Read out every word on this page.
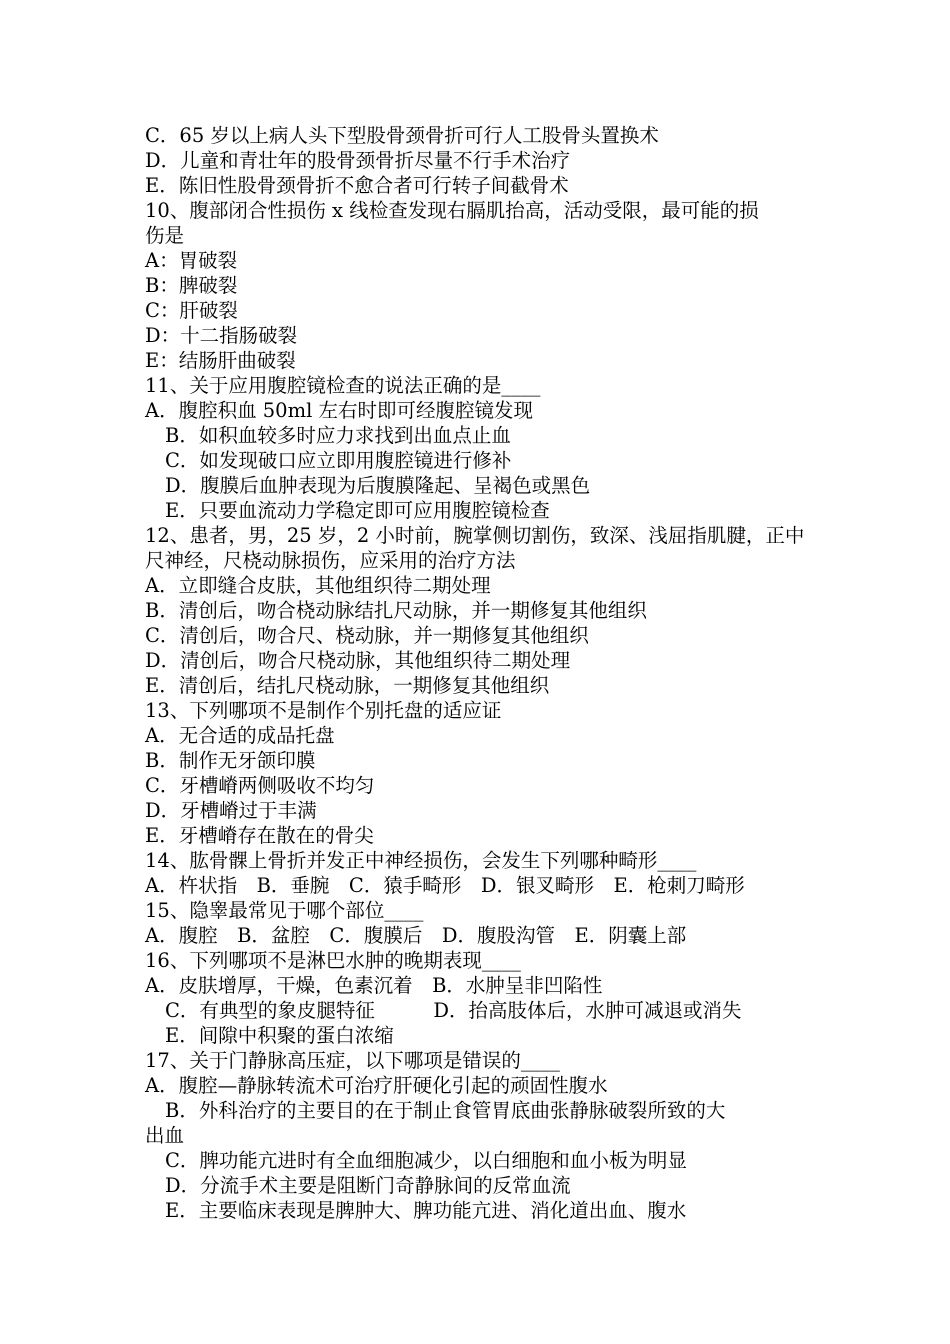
C．65 岁以上病人头下型股骨颈骨折可行人工股骨头置换术
D．儿童和青壮年的股骨颈骨折尽量不行手术治疗
E．陈旧性股骨颈骨折不愈合者可行转子间截骨术
10、腹部闭合性损伤 x 线检查发现右膈肌抬高，活动受限，最可能的损
伤是
A：胃破裂
B：脾破裂
C：肝破裂
D：十二指肠破裂
E：结肠肝曲破裂
11、关于应用腹腔镜检查的说法正确的是____
A．腹腔积血 50ml 左右时即可经腹腔镜发现
B．如积血较多时应力求找到出血点止血
C．如发现破口应立即用腹腔镜进行修补
D．腹膜后血肿表现为后腹膜隆起、呈褐色或黑色
E．只要血流动力学稳定即可应用腹腔镜检查
12、患者，男，25 岁，2 小时前，腕掌侧切割伤，致深、浅屈指肌腱，正中
尺神经，尺桡动脉损伤，应采用的治疗方法
A．立即缝合皮肤，其他组织待二期处理
B．清创后，吻合桡动脉结扎尺动脉，并一期修复其他组织
C．清创后，吻合尺、桡动脉，并一期修复其他组织
D．清创后，吻合尺桡动脉，其他组织待二期处理
E．清创后，结扎尺桡动脉，一期修复其他组织
13、下列哪项不是制作个别托盘的适应证
A．无合适的成品托盘
B．制作无牙颌印膜
C．牙槽嵴两侧吸收不均匀
D．牙槽嵴过于丰满
E．牙槽嵴存在散在的骨尖
14、肱骨髁上骨折并发正中神经损伤，会发生下列哪种畸形____
A．杵状指　B．垂腕　C．猿手畸形　D．银叉畸形　E．枪刺刀畸形
15、隐睾最常见于哪个部位____
A．腹腔　B．盆腔　C．腹膜后　D．腹股沟管　E．阴囊上部
16、下列哪项不是淋巴水肿的晚期表现____
A．皮肤增厚，干燥，色素沉着　B．水肿呈非凹陷性
C．有典型的象皮腿特征　　　D．抬高肢体后，水肿可减退或消失
E．间隙中积聚的蛋白浓缩
17、关于门静脉高压症，以下哪项是错误的____
A．腹腔—静脉转流术可治疗肝硬化引起的顽固性腹水
B．外科治疗的主要目的在于制止食管胃底曲张静脉破裂所致的大
出血
C．脾功能亢进时有全血细胞减少，以白细胞和血小板为明显
D．分流手术主要是阻断门奇静脉间的反常血流
E．主要临床表现是脾肿大、脾功能亢进、消化道出血、腹水
